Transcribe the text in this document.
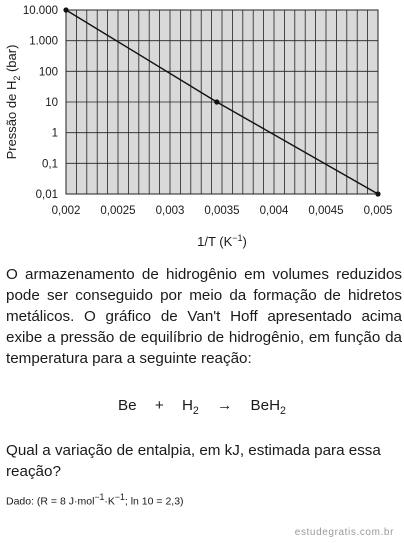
0,002 0,0025 0,003 0,0035 0,004 0,0045 0,005
0,01
0,1
1
10
100
1.000
10.000
1/T $(K^{-1})$
Pressão de $H_2$ (bar)
O armazenamento de hidrogênio em volumes reduzidos pode ser conseguido por meio da formação de hidretos metálicos. O gráfico de Van't Hoff apresentado acima exibe a pressão de equilíbrio de hidrogênio, em função da temperatura para a seguinte reação:
$Be + H_2 \to BeH_2$
Qual a variação de entalpia, em kJ, estimada para essa reação?
Dado: (R = 8 $J\cdot mol^{-1}\cdot K^{-1}$; ln 10 = 2,3)
estudegratis.com.br
